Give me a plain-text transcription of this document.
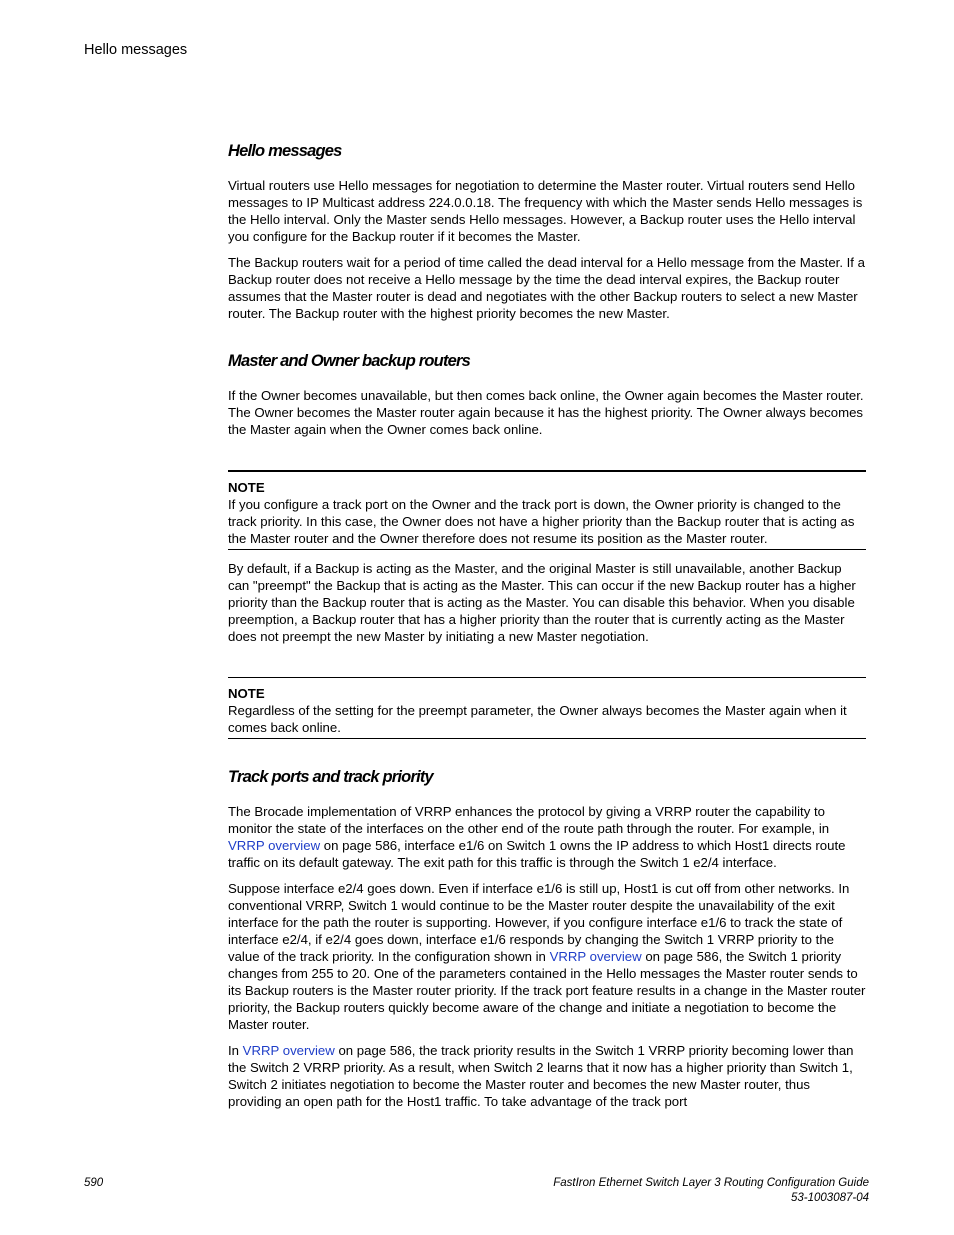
Hello messages

Hello messages

Virtual routers use Hello messages for negotiation to determine the Master router. Virtual routers send Hello messages to IP Multicast address 224.0.0.18. The frequency with which the Master sends Hello messages is the Hello interval. Only the Master sends Hello messages. However, a Backup router uses the Hello interval you configure for the Backup router if it becomes the Master.

The Backup routers wait for a period of time called the dead interval for a Hello message from the Master. If a Backup router does not receive a Hello message by the time the dead interval expires, the Backup router assumes that the Master router is dead and negotiates with the other Backup routers to select a new Master router. The Backup router with the highest priority becomes the new Master.

Master and Owner backup routers

If the Owner becomes unavailable, but then comes back online, the Owner again becomes the Master router. The Owner becomes the Master router again because it has the highest priority. The Owner always becomes the Master again when the Owner comes back online.

NOTE

If you configure a track port on the Owner and the track port is down, the Owner priority is changed to the track priority. In this case, the Owner does not have a higher priority than the Backup router that is acting as the Master router and the Owner therefore does not resume its position as the Master router.

By default, if a Backup is acting as the Master, and the original Master is still unavailable, another Backup can "preempt" the Backup that is acting as the Master. This can occur if the new Backup router has a higher priority than the Backup router that is acting as the Master. You can disable this behavior. When you disable preemption, a Backup router that has a higher priority than the router that is currently acting as the Master does not preempt the new Master by initiating a new Master negotiation.

NOTE

Regardless of the setting for the preempt parameter, the Owner always becomes the Master again when it comes back online.

Track ports and track priority

The Brocade implementation of VRRP enhances the protocol by giving a VRRP router the capability to monitor the state of the interfaces on the other end of the route path through the router. For example, in VRRP overview on page 586, interface e1/6 on Switch 1 owns the IP address to which Host1 directs route traffic on its default gateway. The exit path for this traffic is through the Switch 1 e2/4 interface.

Suppose interface e2/4 goes down. Even if interface e1/6 is still up, Host1 is cut off from other networks. In conventional VRRP, Switch 1 would continue to be the Master router despite the unavailability of the exit interface for the path the router is supporting. However, if you configure interface e1/6 to track the state of interface e2/4, if e2/4 goes down, interface e1/6 responds by changing the Switch 1 VRRP priority to the value of the track priority. In the configuration shown in VRRP overview on page 586, the Switch 1 priority changes from 255 to 20. One of the parameters contained in the Hello messages the Master router sends to its Backup routers is the Master router priority. If the track port feature results in a change in the Master router priority, the Backup routers quickly become aware of the change and initiate a negotiation to become the Master router.

In VRRP overview on page 586, the track priority results in the Switch 1 VRRP priority becoming lower than the Switch 2 VRRP priority. As a result, when Switch 2 learns that it now has a higher priority than Switch 1, Switch 2 initiates negotiation to become the Master router and becomes the new Master router, thus providing an open path for the Host1 traffic. To take advantage of the track port

590	FastIron Ethernet Switch Layer 3 Routing Configuration Guide
53-1003087-04
